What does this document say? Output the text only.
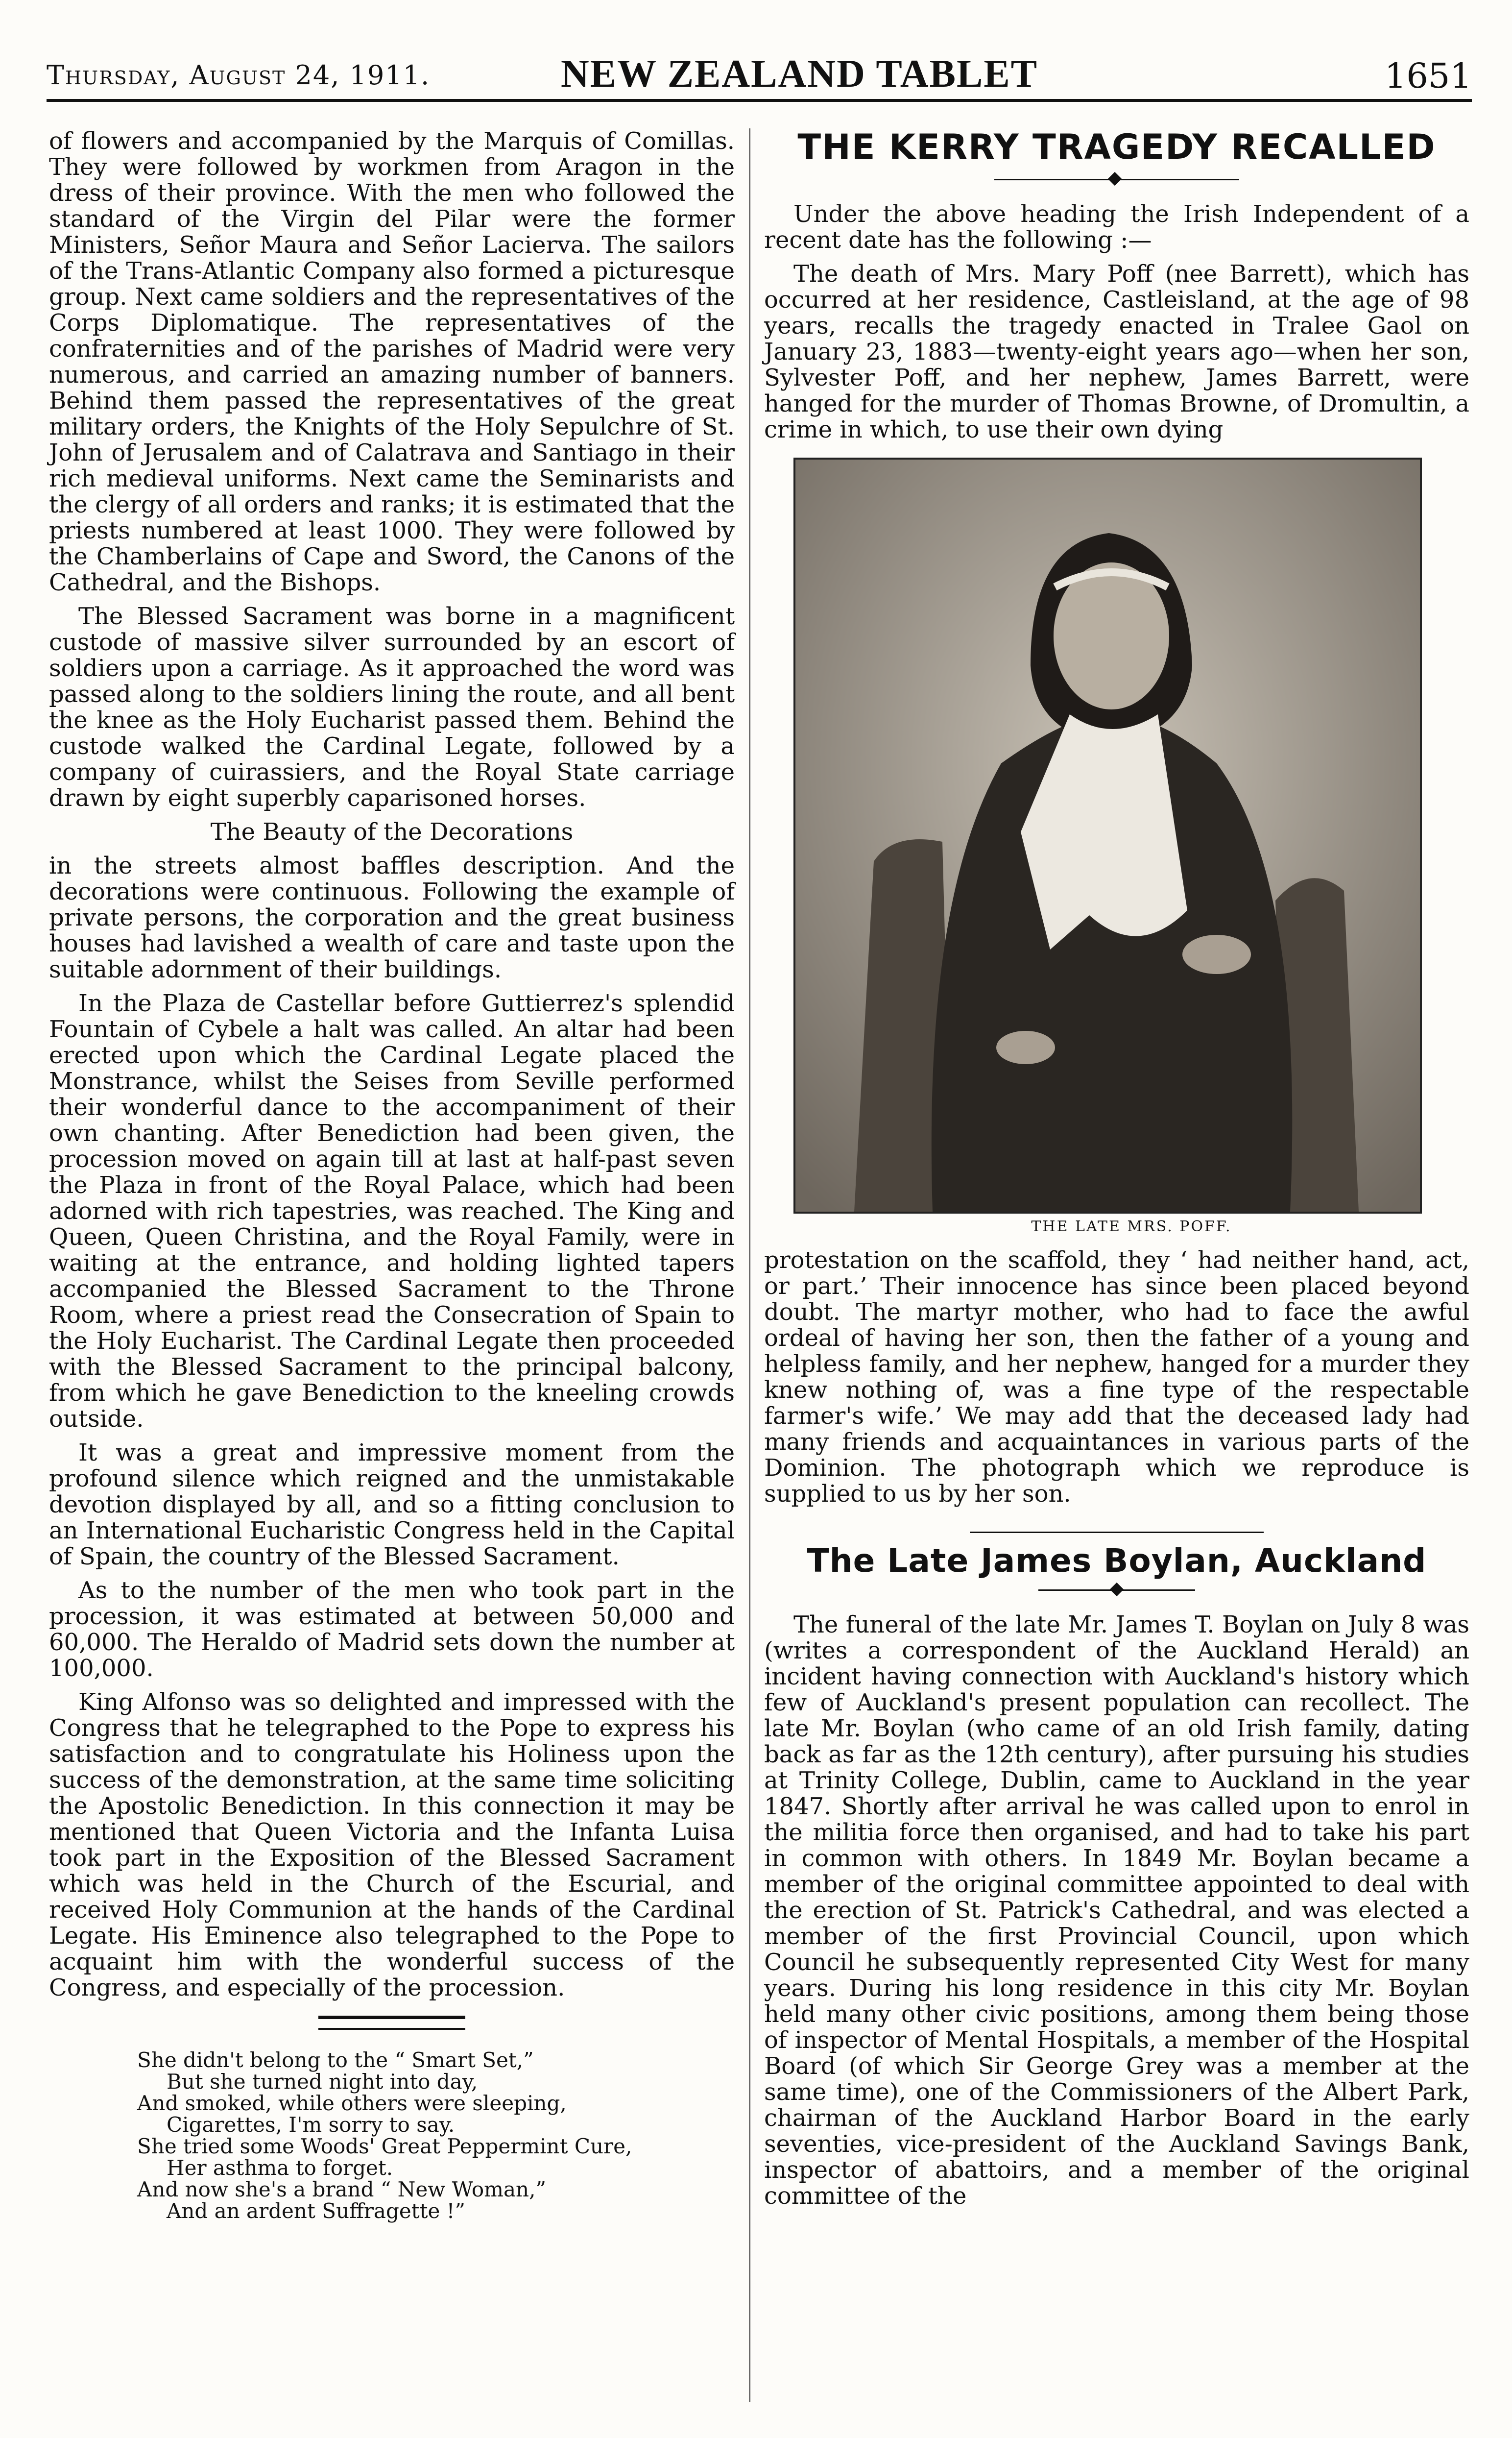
Thursday, August 24, 1911.	NEW ZEALAND TABLET	1651

of flowers and accompanied by the Marquis of Comillas. They were followed by workmen from Aragon in the dress of their province. With the men who followed the standard of the Virgin del Pilar were the former Ministers, Señor Maura and Señor Lacierva. The sailors of the Trans-Atlantic Company also formed a picturesque group. Next came soldiers and the representatives of the Corps Diplomatique. The representatives of the confraternities and of the parishes of Madrid were very numerous, and carried an amazing number of banners. Behind them passed the representatives of the great military orders, the Knights of the Holy Sepulchre of St. John of Jerusalem and of Calatrava and Santiago in their rich medieval uniforms. Next came the Seminarists and the clergy of all orders and ranks; it is estimated that the priests numbered at least 1000. They were followed by the Chamberlains of Cape and Sword, the Canons of the Cathedral, and the Bishops.

The Blessed Sacrament was borne in a magnificent custode of massive silver surrounded by an escort of soldiers upon a carriage. As it approached the word was passed along to the soldiers lining the route, and all bent the knee as the Holy Eucharist passed them. Behind the custode walked the Cardinal Legate, followed by a company of cuirassiers, and the Royal State carriage drawn by eight superbly caparisoned horses.

The Beauty of the Decorations

in the streets almost baffles description. And the decorations were continuous. Following the example of private persons, the corporation and the great business houses had lavished a wealth of care and taste upon the suitable adornment of their buildings.

In the Plaza de Castellar before Guttierrez's splendid Fountain of Cybele a halt was called. An altar had been erected upon which the Cardinal Legate placed the Monstrance, whilst the Seises from Seville performed their wonderful dance to the accompaniment of their own chanting. After Benediction had been given, the procession moved on again till at last at half-past seven the Plaza in front of the Royal Palace, which had been adorned with rich tapestries, was reached. The King and Queen, Queen Christina, and the Royal Family, were in waiting at the entrance, and holding lighted tapers accompanied the Blessed Sacrament to the Throne Room, where a priest read the Consecration of Spain to the Holy Eucharist. The Cardinal Legate then proceeded with the Blessed Sacrament to the principal balcony, from which he gave Benediction to the kneeling crowds outside.

It was a great and impressive moment from the profound silence which reigned and the unmistakable devotion displayed by all, and so a fitting conclusion to an International Eucharistic Congress held in the Capital of Spain, the country of the Blessed Sacrament.

As to the number of the men who took part in the procession, it was estimated at between 50,000 and 60,000. The Heraldo of Madrid sets down the number at 100,000.

King Alfonso was so delighted and impressed with the Congress that he telegraphed to the Pope to express his satisfaction and to congratulate his Holiness upon the success of the demonstration, at the same time soliciting the Apostolic Benediction. In this connection it may be mentioned that Queen Victoria and the Infanta Luisa took part in the Exposition of the Blessed Sacrament which was held in the Church of the Escurial, and received Holy Communion at the hands of the Cardinal Legate. His Eminence also telegraphed to the Pope to acquaint him with the wonderful success of the Congress, and especially of the procession.

She didn't belong to the “ Smart Set,”
But she turned night into day,
And smoked, while others were sleeping,
Cigarettes, I'm sorry to say.
She tried some Woods' Great Peppermint Cure,
Her asthma to forget.
And now she's a brand “ New Woman,”
And an ardent Suffragette !”
THE KERRY TRAGEDY RECALLED

Under the above heading the Irish Independent of a recent date has the following :—

The death of Mrs. Mary Poff (nee Barrett), which has occurred at her residence, Castleisland, at the age of 98 years, recalls the tragedy enacted in Tralee Gaol on January 23, 1883—twenty-eight years ago—when her son, Sylvester Poff, and her nephew, James Barrett, were hanged for the murder of Thomas Browne, of Dromultin, a crime in which, to use their own dying

THE LATE MRS. POFF.

protestation on the scaffold, they ‘ had neither hand, act, or part.’ Their innocence has since been placed beyond doubt. The martyr mother, who had to face the awful ordeal of having her son, then the father of a young and helpless family, and her nephew, hanged for a murder they knew nothing of, was a fine type of the respectable farmer's wife.’ We may add that the deceased lady had many friends and acquaintances in various parts of the Dominion. The photograph which we reproduce is supplied to us by her son.

The Late James Boylan, Auckland

The funeral of the late Mr. James T. Boylan on July 8 was (writes a correspondent of the Auckland Herald) an incident having connection with Auckland's history which few of Auckland's present population can recollect. The late Mr. Boylan (who came of an old Irish family, dating back as far as the 12th century), after pursuing his studies at Trinity College, Dublin, came to Auckland in the year 1847. Shortly after arrival he was called upon to enrol in the militia force then organised, and had to take his part in common with others. In 1849 Mr. Boylan became a member of the original committee appointed to deal with the erection of St. Patrick's Cathedral, and was elected a member of the first Provincial Council, upon which Council he subsequently represented City West for many years. During his long residence in this city Mr. Boylan held many other civic positions, among them being those of inspector of Mental Hospitals, a member of the Hospital Board (of which Sir George Grey was a member at the same time), one of the Commissioners of the Albert Park, chairman of the Auckland Harbor Board in the early seventies, vice-president of the Auckland Savings Bank, inspector of abattoirs, and a member of the original committee of the
